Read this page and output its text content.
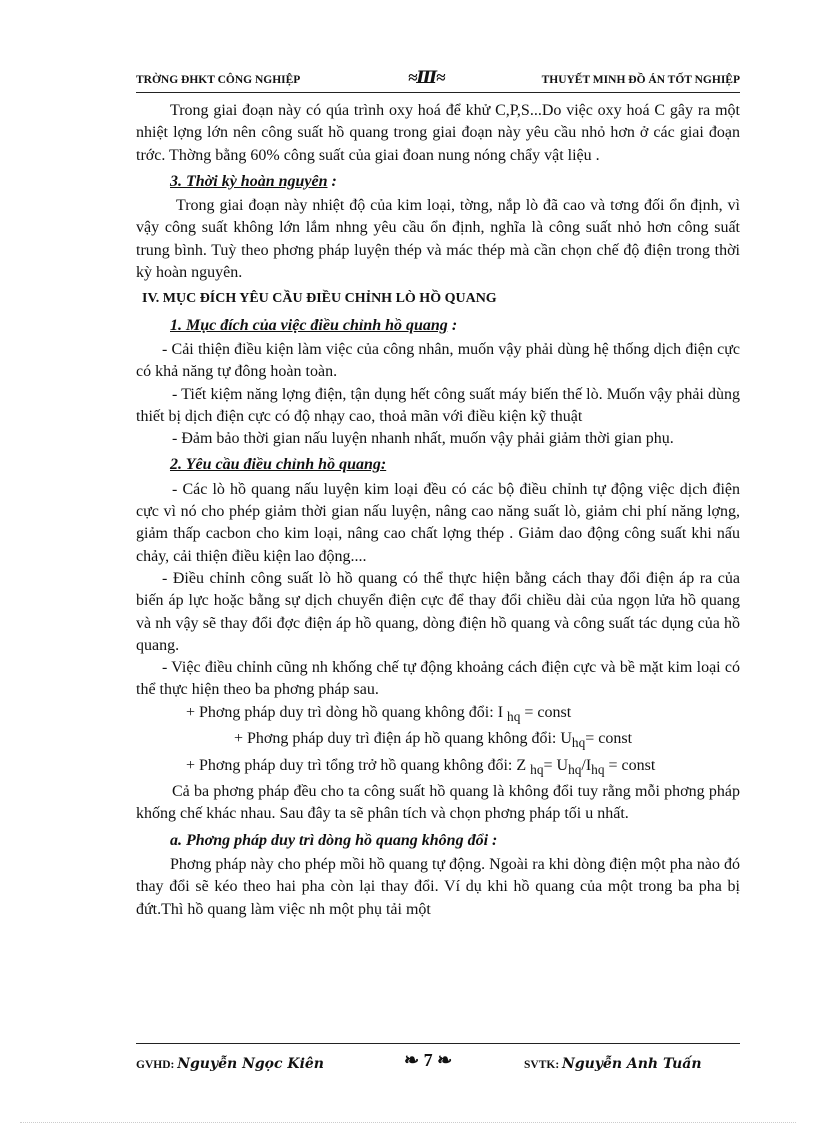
TRỜNG ĐHKT CÔNG NGHIỆP	≈Ⅲ≈	THUYẾT MINH ĐỒ ÁN TỐT NGHIỆP

Trong giai đoạn này có qúa trình oxy hoá để khử C,P,S...Do việc oxy hoá C gây ra một nhiệt lợng lớn nên công suất hồ quang trong giai đoạn này yêu cầu nhỏ hơn ở các giai đoạn trớc. Thờng bằng 60% công suất của giai đoan nung nóng chẩy vật liệu .

3. Thời kỳ hoàn nguyên :

Trong giai đoạn này nhiệt độ của kim loại, tờng, nắp lò đã cao và tơng đối ổn định, vì vậy công suất không lớn lắm nhng yêu cầu ổn định, nghĩa là công suất nhỏ hơn công suất trung bình. Tuỳ theo phơng pháp luyện thép và mác thép mà cần chọn chế độ điện trong thời kỳ hoàn nguyên.

IV. MỤC ĐÍCH YÊU CẦU ĐIỀU CHỈNH LÒ HỒ QUANG

1. Mục đích của việc điều chỉnh hồ quang :

- Cải thiện điều kiện làm việc của công nhân, muốn vậy phải dùng hệ thống dịch điện cực có khả năng tự đông hoàn toàn.

- Tiết kiệm năng lợng điện, tận dụng hết công suất máy biến thế lò. Muốn vậy phải dùng thiết bị dịch điện cực có độ nhạy cao, thoả mãn với điều kiện kỹ thuật

- Đảm bảo thời gian nấu luyện nhanh nhất, muốn vậy phải giảm thời gian phụ.

2. Yêu cầu điều chỉnh hồ quang:

- Các lò hồ quang nấu luyện kim loại đều có các bộ điều chỉnh tự động việc dịch điện cực vì nó cho phép giảm thời gian nấu luyện, nâng cao năng suất lò, giảm chi phí năng lợng, giảm thấp cacbon cho kim loại, nâng cao chất lợng thép . Giảm dao động công suất khi nấu chảy, cải thiện điều kiện lao động....

- Điều chỉnh công suất lò hồ quang có thể thực hiện bằng cách thay đổi điện áp ra của biến áp lực hoặc bằng sự dịch chuyển điện cực để thay đổi chiều dài của ngọn lửa hồ quang và nh vậy sẽ thay đổi đợc điện áp hồ quang, dòng điện hồ quang và công suất tác dụng của hồ quang.

- Việc điều chỉnh cũng nh khống chế tự động khoảng cách điện cực và bề mặt kim loại có thể thực hiện theo ba phơng pháp sau.

+ Phơng pháp duy trì dòng hồ quang không đổi: I $_{hq}$ = const

+ Phơng pháp duy trì điện áp hồ quang không đổi: $U_{hq}=$ const

+ Phơng pháp duy trì tổng trở hồ quang không đổi: Z $_{hq}= U_{hq}/I_{hq}$ = const

Cả ba phơng pháp đều cho ta công suất hồ quang là không đổi tuy rằng mỗi phơng pháp khống chế khác nhau. Sau đây ta sẽ phân tích và chọn phơng pháp tối u nhất.

a. Phơng pháp duy trì dòng hồ quang không đổi :

Phơng pháp này cho phép mồi hồ quang tự động. Ngoài ra khi dòng điện một pha nào đó thay đổi sẽ kéo theo hai pha còn lại thay đổi. Ví dụ khi hồ quang của một trong ba pha bị đứt.Thì hồ quang làm việc nh một phụ tải một

GVHD: Nguyễn Ngọc Kiên	❧ 7 ❧	SVTK: Nguyễn Anh Tuấn
